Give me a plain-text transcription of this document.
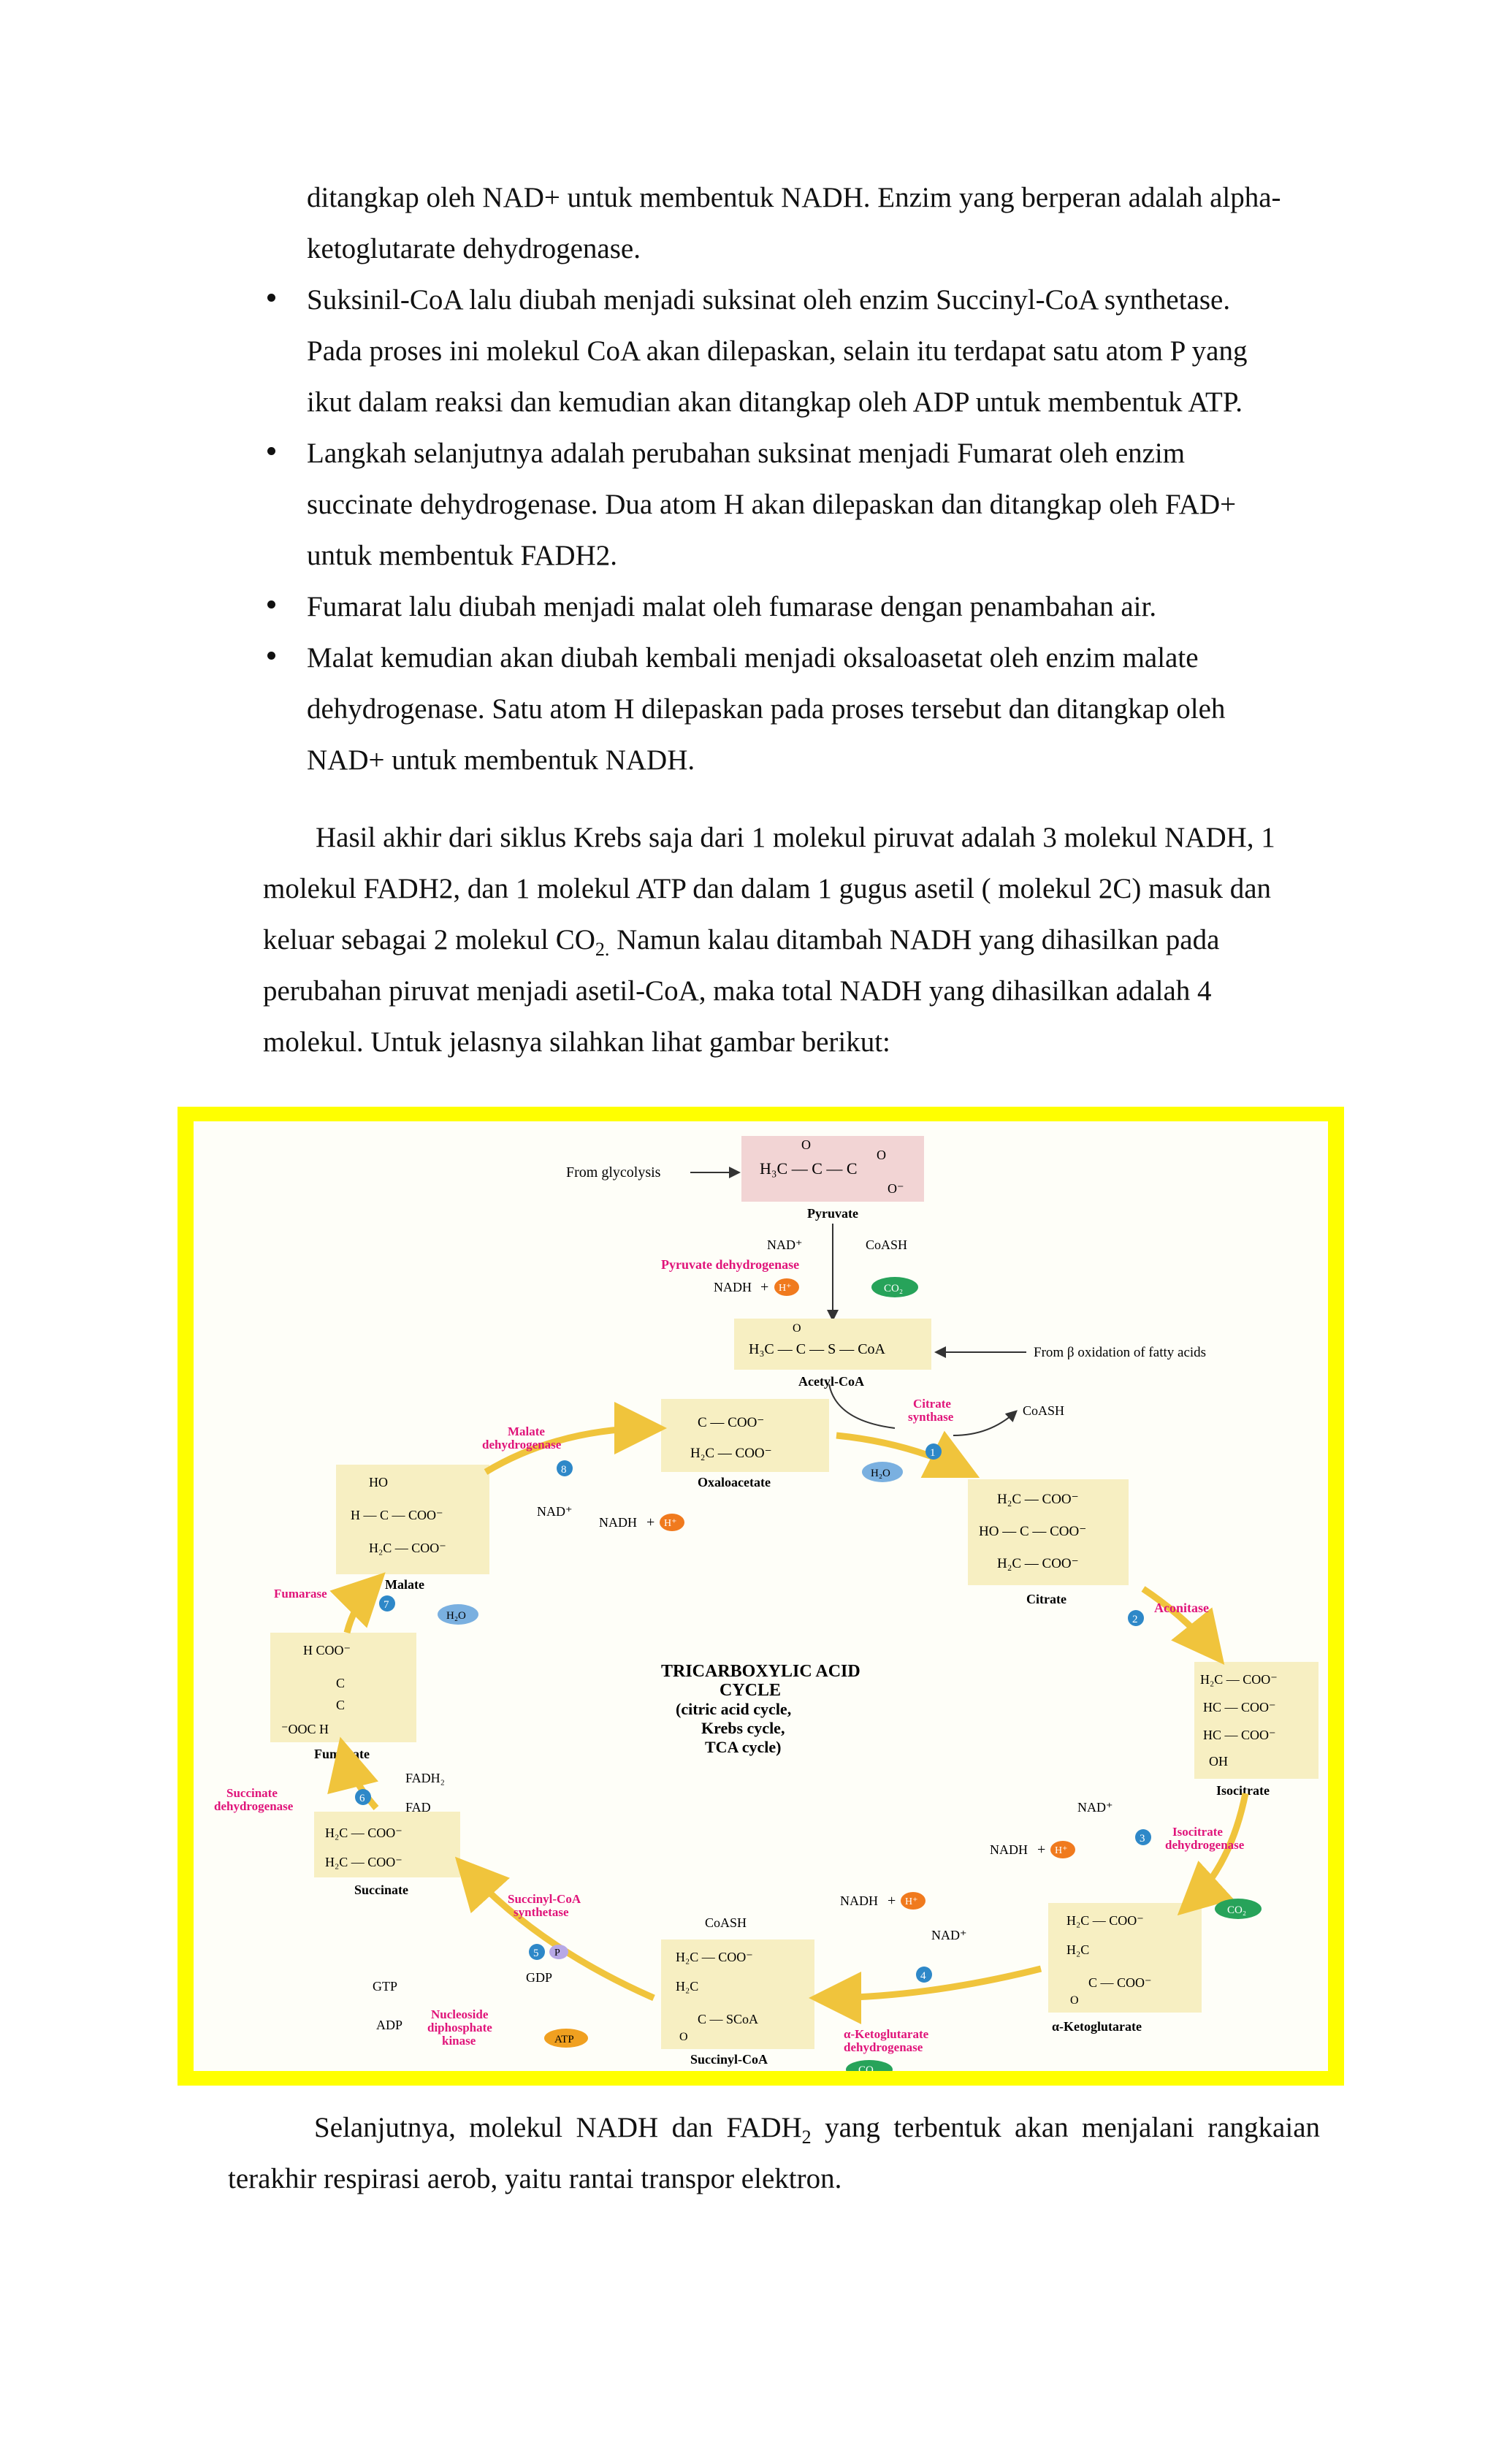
ditangkap oleh NAD+ untuk membentuk NADH. Enzim yang berperan adalah alpha-
ketoglutarate dehydrogenase.
Suksinil-CoA lalu diubah menjadi suksinat oleh enzim Succinyl-CoA synthetase.
Pada proses ini molekul CoA akan dilepaskan, selain itu terdapat satu atom P yang
ikut dalam reaksi dan kemudian akan ditangkap oleh ADP untuk membentuk ATP.
Langkah selanjutnya adalah perubahan suksinat menjadi Fumarat oleh enzim
succinate dehydrogenase. Dua atom H akan dilepaskan dan ditangkap oleh FAD+
untuk membentuk FADH2.
Fumarat lalu diubah menjadi malat oleh fumarase dengan penambahan air.
Malat kemudian akan diubah kembali menjadi oksaloasetat oleh enzim malate
dehydrogenase. Satu atom H dilepaskan pada proses tersebut dan ditangkap oleh
NAD+ untuk membentuk NADH.
Hasil akhir dari siklus Krebs saja dari 1 molekul piruvat adalah 3 molekul NADH, 1
molekul FADH2, dan 1 molekul ATP dan dalam 1 gugus asetil ( molekul 2C) masuk dan
keluar sebagai 2 molekul $CO_{2.}$ Namun kalau ditambah NADH yang dihasilkan pada
perubahan piruvat menjadi asetil-CoA, maka total NADH yang dihasilkan adalah 4
molekul. Untuk jelasnya silahkan lihat gambar berikut:
H₃C — C — C
O
O
O⁻
Pyruvate
From glycolysis
NAD⁺	CoASH
Pyruvate dehydrogenase
NADH + H⁺	CO₂
H₃C — C — S — CoA
O
Acetyl-CoA
From β oxidation of fatty acids
C — COO⁻
H₂C — COO⁻
Oxaloacetate
H₂C — COO⁻
HO — C — COO⁻
H₂C — COO⁻
Citrate
H₂C — COO⁻
HC — COO⁻
HC — COO⁻
OH
Isocitrate
H₂C — COO⁻
H₂C
C — COO⁻
O
α-Ketoglutarate
H₂C — COO⁻
H₂C
C — SCoA
O
Succinyl-CoA
H₂C — COO⁻
H₂C — COO⁻
Succinate
H COO⁻
C
C
⁻OOC H
Fumarate
HO
H — C — COO⁻
H₂C — COO⁻
Malate
TRICARBOXYLIC ACID
CYCLE
(citric acid cycle,
Krebs cycle,
TCA cycle)
Citrate
synthase	CoASH
1
H₂O
2
Aconitase
NAD⁺
NADH + H⁺
3 Isocitrate
dehydrogenase
CO₂
NADH + H⁺
NAD⁺
4
α-Ketoglutarate
dehydrogenase
CO₂
CoASH
Succinyl-CoA
synthetase
5 P
GDP
GTP
Nucleoside
diphosphate
kinase
ADP
ATP
FADH₂
FAD
6
Succinate
dehydrogenase
Fumarase
7
H₂O
Malate
dehydrogenase
8
NAD⁺
NADH + H⁺
Selanjutnya, molekul NADH dan $FADH_2$ yang terbentuk akan menjalani rangkaian terakhir respirasi aerob, yaitu rantai transpor elektron.
